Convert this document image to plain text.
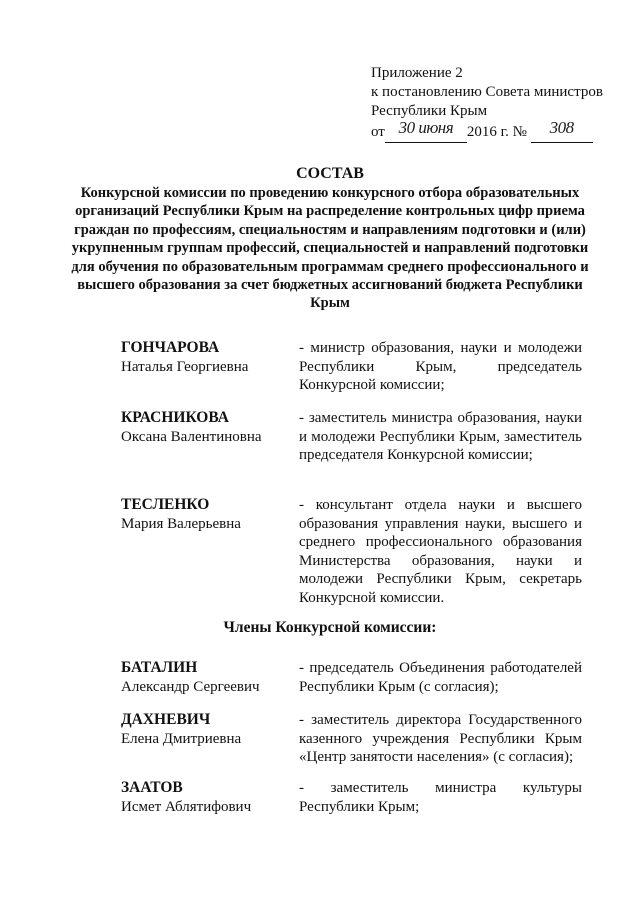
Приложение 2
к постановлению Совета министров
Республики Крым
от 30 июня 2016 г. № 308
СОСТАВ
Конкурсной комиссии по проведению конкурсного отбора образовательных организаций Республики Крым на распределение контрольных цифр приема граждан по профессиям, специальностям и направлениям подготовки и (или) укрупненным группам профессий, специальностей и направлений подготовки для обучения по образовательным программам среднего профессионального и высшего образования за счет бюджетных ассигнований бюджета Республики Крым
ГОНЧАРОВА
Наталья Георгиевна
- министр образования, науки и молодежи Республики Крым, председатель Конкурсной комиссии;
КРАСНИКОВА
Оксана Валентиновна
- заместитель министра образования, науки и молодежи Республики Крым, заместитель председателя Конкурсной комиссии;
ТЕСЛЕНКО
Мария Валерьевна
- консультант отдела науки и высшего образования управления науки, высшего и среднего профессионального образования Министерства образования, науки и молодежи Республики Крым, секретарь Конкурсной комиссии.
Члены Конкурсной комиссии:
БАТАЛИН
Александр Сергеевич
- председатель Объединения работодателей Республики Крым (с согласия);
ДАХНЕВИЧ
Елена Дмитриевна
- заместитель директора Государственного казенного учреждения Республики Крым «Центр занятости населения» (с согласия);
ЗААТОВ
Исмет Аблятифович
- заместитель министра культуры Республики Крым;
